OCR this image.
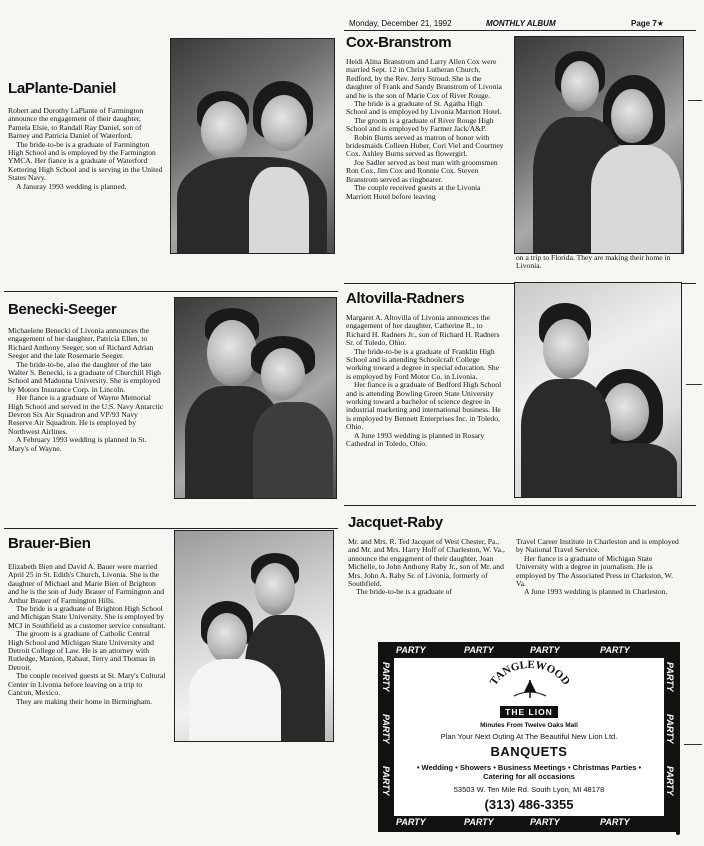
Monday, December 21, 1992	MONTHLY ALBUM	Page 7★
LaPlante-Daniel

Robert and Dorothy LaPlante of Farmington announce the engagement of their daughter, Pamela Elsie, to Randall Ray Daniel, son of Barney and Patricia Daniel of Waterford.

The bride-to-be is a graduate of Farmington High School and is employed by the Farmington YMCA. Her fiance is a graduate of Waterford Kettering High School and is serving in the United States Navy.

A Januray 1993 wedding is planned.

Cox-Branstrom

Heidi Alina Branstrom and Larry Allen Cox were married Sept. 12 in Christ Lutheran Church, Redford, by the Rev. Jerry Stroud. She is the daughter of Frank and Sandy Branstrom of Livonia and he is the son of Marie Cox of River Rouge.

The bride is a graduate of St. Agatha High School and is employed by Livonia Marriott Hotel.

The groom is a graduate of River Rouge High School and is employed by Farmer Jack/A&P.

Robin Burns served as matron of honor with bridesmaids Colleen Huber, Cori Viel and Courtney Cox. Ashley Burns served as flowergirl.

Joe Sadler served as best man with groomsmen Ron Cox, Jim Cox and Ronnie Cox. Steven Branstrom served as ringbearer.

The couple received guests at the Livonia Marriott Hotel before leaving

on a trip to Florida. They are making their home in Livonia.
Benecki-Seeger

Michaelene Benecki of Livonia announces the engagement of her daughter, Patricia Ellen, to Richard Anthony Seeger, son of Richard Adrian Seeger and the late Rosemarie Seeger.

The bride-to-be, also the daughter of the late Walter S. Benecki, is a graduate of Churchill High School and Madonna University. She is employed by Motors Insurance Corp. in Lincoln.

Her fiance is a graduate of Wayne Memorial High School and served in the U.S. Navy Antarctic Devron Six Air Squadron and VP/93 Navy Reserve Air Squadron. He is employed by Northwest Airlines.

A February 1993 wedding is planned in St. Mary's of Wayne.

Altovilla-Radners

Margaret A. Altovilla of Livonia announces the engagement of her daughter, Catherine R., to Richard H. Radners Jr., son of Richard H. Radners Sr. of Toledo, Ohio.

The bride-to-be is a graduate of Franklin High School and is attending Schoolcraft College working toward a degree in special education. She is employed by Ford Motor Co. in Livonia.

Her fiance is a graduate of Bedford High School and is attending Bowling Green State University working toward a bachelor of science degree in industrial marketing and international business. He is employed by Bennett Enterprises Inc. in Toledo, Ohio.

A June 1993 wedding is planned in Rosary Cathedral in Toledo, Ohio.

Brauer-Bien

Elizabeth Bien and David A. Bauer were married April 25 in St. Edith's Church, Livonia. She is the daughter of Michael and Marie Bien of Brighton and he is the son of Judy Brauer of Farmington and Arthur Brauer of Farmington Hills.

The bride is a graduate of Brighton High School and Michigan State University. She is employed by MCI in Southfield as a customer service consultant.

The groom is a graduate of Catholic Central High School and Michigan State University and Detroit College of Law. He is an attorney with Rutledge, Manion, Rabaut, Terry and Thomas in Detroit.

The couple received guests at St. Mary's Cultural Center in Livonia before leaving on a trip to Cancun, Mexico.

They are making their home in Birmingham.

Jacquet-Raby

Mr. and Mrs. R. Ted Jacquet of West Chester, Pa., and Mr. and Mrs. Harry Hoff of Charleston, W. Va., announce the engagment of their daughter, Joan Michelle, to John Anthony Raby Jr., son of Mr. and Mrs. John A. Raby Sr. of Livonia, formerly of Southfield.

The bride-to-be is a graduate of

Travel Career Institute in Charleston and is employed by National Travel Service.

Her fiance is a graduate of Michigan State University with a degree in journalism. He is employed by The Associated Press in Clarkston, W. Va.

A June 1993 wedding is planned in Charleston.

PARTY	PARTY	PARTY	PARTY
PARTY	PARTY	PARTY	PARTY
PARTY
PARTY
PARTY
PARTY
PARTY
PARTY
TANGLEWOOD
THE LION
Minutes From Twelve Oaks Mall
Plan Your Next Outing At The Beautiful New Lion Ltd.
BANQUETS
• Wedding • Showers • Business Meetings • Christmas Parties • Catering for all occasions
53503 W. Ten Mile Rd. South Lyon, MI 48178
(313) 486-3355
